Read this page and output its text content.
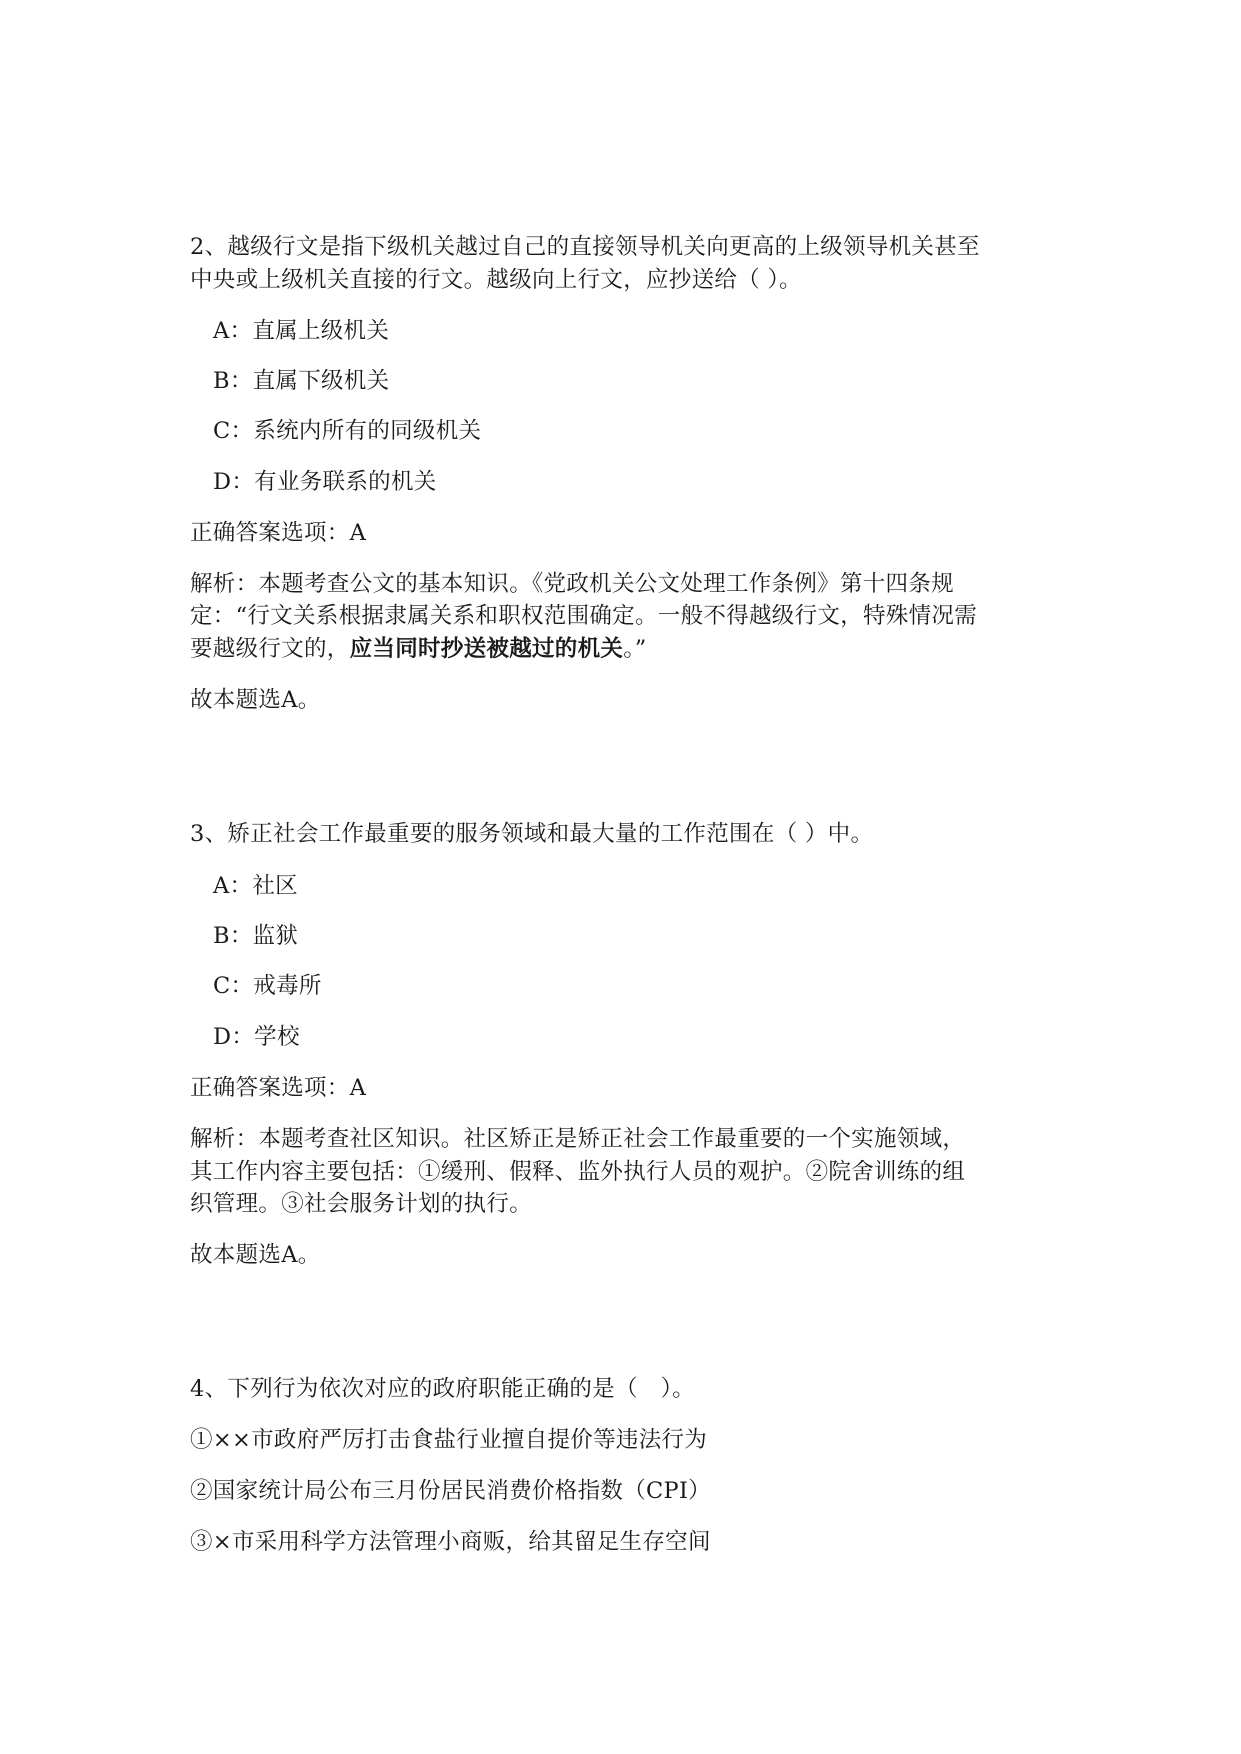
2、越级行文是指下级机关越过自己的直接领导机关向更高的上级领导机关甚至
中央或上级机关直接的行文。越级向上行文，应抄送给（ ）。
A：直属上级机关
B：直属下级机关
C：系统内所有的同级机关
D：有业务联系的机关
正确答案选项：A
解析：本题考查公文的基本知识。《党政机关公文处理工作条例》第十四条规
定：“行文关系根据隶属关系和职权范围确定。一般不得越级行文，特殊情况需
要越级行文的，应当同时抄送被越过的机关。”
故本题选A。
3、矫正社会工作最重要的服务领域和最大量的工作范围在（ ）中。
A：社区
B：监狱
C：戒毒所
D：学校
正确答案选项：A
解析：本题考查社区知识。社区矫正是矫正社会工作最重要的一个实施领域，
其工作内容主要包括：①缓刑、假释、监外执行人员的观护。②院舍训练的组
织管理。③社会服务计划的执行。
故本题选A。
4、下列行为依次对应的政府职能正确的是（　）。
①××市政府严厉打击食盐行业擅自提价等违法行为
②国家统计局公布三月份居民消费价格指数（CPI）
③×市采用科学方法管理小商贩，给其留足生存空间
